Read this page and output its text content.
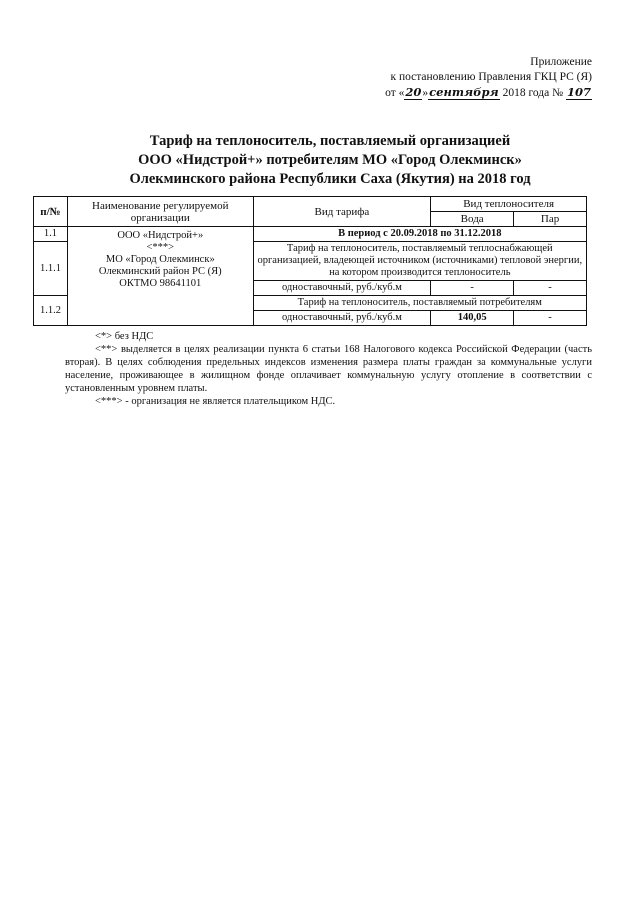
Приложение
к постановлению Правления ГКЦ РС (Я)
от «20»сентября 2018 года № 107
Тариф на теплоноситель, поставляемый организацией
ООО «Нидстрой+» потребителям МО «Город Олекминск»
Олекминского района Республики Саха (Якутия) на 2018 год
п/№	Наименование регулируемой организации	Вид тарифа	Вид теплоносителя	
			Вода	Пар
1.1	ООО «Нидстрой+»
<***>
МО «Город Олекминск»
Олекминский район РС (Я)
ОКТМО 98641101	В период с 20.09.2018 по 31.12.2018		
1.1.1		Тариф на теплоноситель, поставляемый теплоснабжающей организацией, владеющей источником (источниками) тепловой энергии, на котором производится теплоноситель		
		одноставочный, руб./куб.м	-	-
1.1.2		Тариф на теплоноситель, поставляемый потребителям		
		одноставочный, руб./куб.м	140,05	-

<*> без НДС

<**> выделяется в целях реализации пункта 6 статьи 168 Налогового кодекса Российской Федерации (часть вторая). В целях соблюдения предельных индексов изменения размера платы граждан за коммунальные услуги население, проживающее в жилищном фонде оплачивает коммунальную услугу отопление в соответствии с установленным уровнем платы.

<***> - организация не является плательщиком НДС.
